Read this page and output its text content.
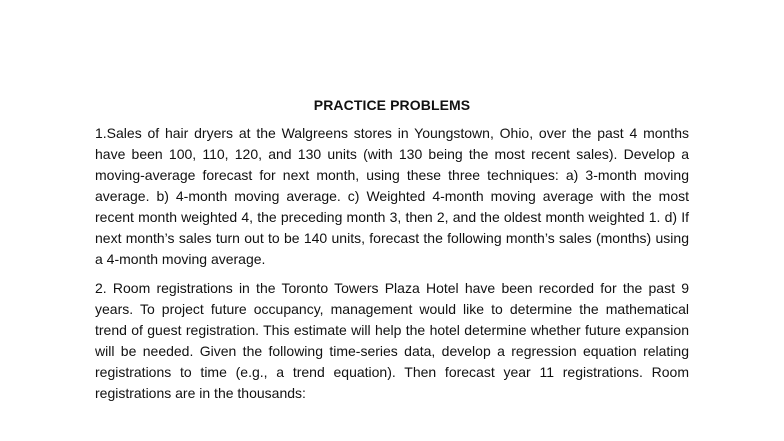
PRACTICE PROBLEMS

1.Sales of hair dryers at the Walgreens stores in Youngstown, Ohio, over the past 4 months have been 100, 110, 120, and 130 units (with 130 being the most recent sales). Develop a moving-average forecast for next month, using these three techniques: a) 3-month moving average. b) 4-month moving average. c) Weighted 4-month moving average with the most recent month weighted 4, the preceding month 3, then 2, and the oldest month weighted 1. d) If next month’s sales turn out to be 140 units, forecast the following month’s sales (months) using a 4-month moving average.

2. Room registrations in the Toronto Towers Plaza Hotel have been recorded for the past 9 years. To project future occupancy, management would like to determine the mathematical trend of guest registration. This estimate will help the hotel determine whether future expansion will be needed. Given the following time-series data, develop a regression equation relating registrations to time (e.g., a trend equation). Then forecast year 11 registrations. Room registrations are in the thousands:
